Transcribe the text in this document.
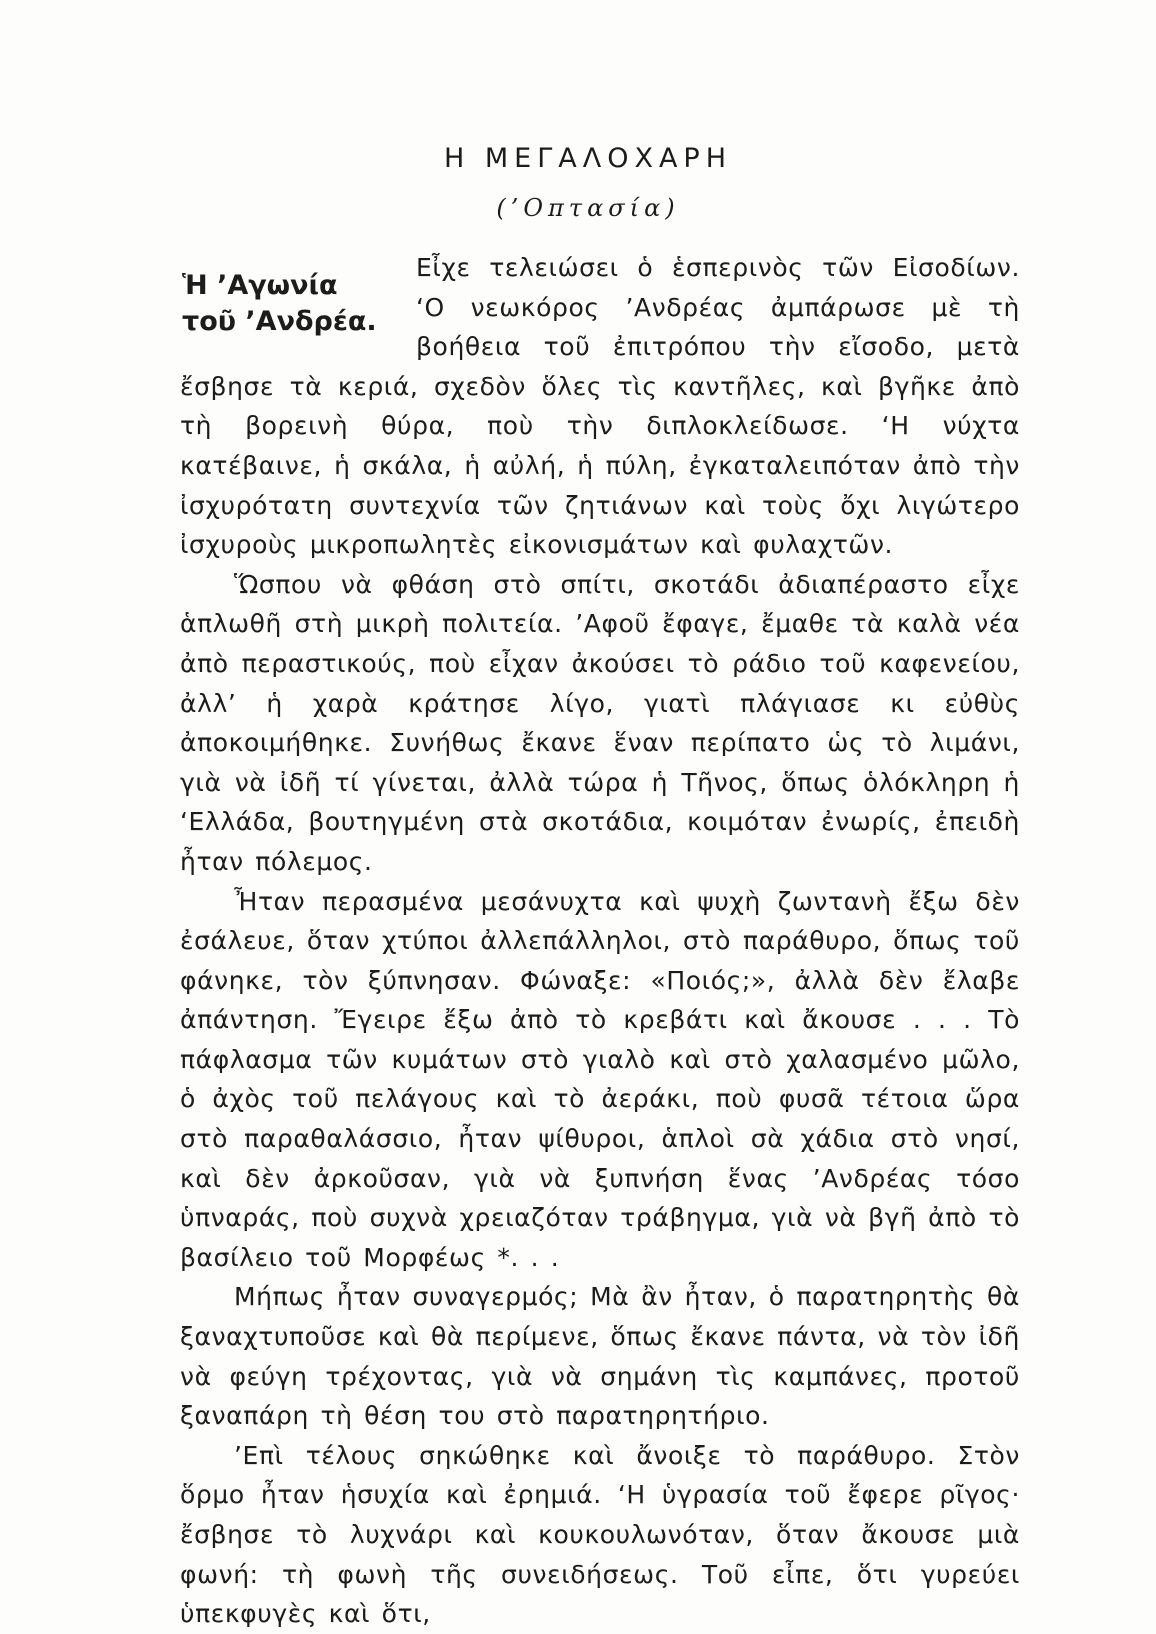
Η ΜΕΓΑΛΟΧΑΡΗ
(’Οπτασία)
Ἡ ’Αγωνία
τοῦ ’Ανδρέα.

Εἶχε τελειώσει ὁ ἑσπερινὸς τῶν Εἰσοδίων. ‘Ο νεωκόρος ’Ανδρέας ἀμπάρωσε μὲ τὴ βοήθεια τοῦ ἐπιτρόπου τὴν εἴσοδο, μετὰ ἔσβησε τὰ κεριά, σχεδὸν ὅλες τὶς καντῆλες, καὶ βγῆκε ἀπὸ τὴ βορεινὴ θύρα, ποὺ τὴν διπλοκλείδωσε. ‘Η νύχτα κατέβαινε, ἡ σκάλα, ἡ αὐλή, ἡ πύλη, ἐγκαταλειπόταν ἀπὸ τὴν ἰσχυρότατη συντεχνία τῶν ζητιάνων καὶ τοὺς ὄχι λιγώτερο ἰσχυροὺς μικροπωλητὲς εἰκονισμάτων καὶ φυλαχτῶν.

Ὥσπου νὰ φθάση στὸ σπίτι, σκοτάδι ἀδιαπέραστο εἶχε ἁπλωθῆ στὴ μικρὴ πολιτεία. ’Αφοῦ ἔφαγε, ἔμαθε τὰ καλὰ νέα ἀπὸ περαστικούς, ποὺ εἶχαν ἀκούσει τὸ ράδιο τοῦ καφενείου, ἀλλ’ ἡ χαρὰ κράτησε λίγο, γιατὶ πλάγιασε κι εὐθὺς ἀποκοιμήθηκε. Συνήθως ἔκανε ἕναν περίπατο ὡς τὸ λιμάνι, γιὰ νὰ ἰδῆ τί γίνεται, ἀλλὰ τώρα ἡ Τῆνος, ὅπως ὁλόκληρη ἡ ‘Ελλάδα, βουτηγμένη στὰ σκοτάδια, κοιμόταν ἐνωρίς, ἐπειδὴ ἦταν πόλεμος.

Ἦταν περασμένα μεσάνυχτα καὶ ψυχὴ ζωντανὴ ἔξω δὲν ἐσάλευε, ὅταν χτύποι ἀλλεπάλληλοι, στὸ παράθυρο, ὅπως τοῦ φάνηκε, τὸν ξύπνησαν. Φώναξε: «Ποιός;», ἀλλὰ δὲν ἔλαβε ἀπάντηση. Ἔγειρε ἔξω ἀπὸ τὸ κρεβάτι καὶ ἄκουσε . . . Τὸ πάφλασμα τῶν κυμάτων στὸ γιαλὸ καὶ στὸ χαλασμένο μῶλο, ὁ ἀχὸς τοῦ πελάγους καὶ τὸ ἀεράκι, ποὺ φυσᾶ τέτοια ὥρα στὸ παραθαλάσσιο, ἦταν ψίθυροι, ἁπλοὶ σὰ χάδια στὸ νησί, καὶ δὲν ἀρκοῦσαν, γιὰ νὰ ξυπνήση ἕνας ’Ανδρέας τόσο ὑπναράς, ποὺ συχνὰ χρειαζόταν τράβηγμα, γιὰ νὰ βγῆ ἀπὸ τὸ βασίλειο τοῦ Μορφέως *. . .

Μήπως ἦταν συναγερμός; Μὰ ἂν ἦταν, ὁ παρατηρητὴς θὰ ξαναχτυποῦσε καὶ θὰ περίμενε, ὅπως ἔκανε πάντα, νὰ τὸν ἰδῆ νὰ φεύγη τρέχοντας, γιὰ νὰ σημάνη τὶς καμπάνες, προτοῦ ξαναπάρη τὴ θέση του στὸ παρατηρητήριο.

’Επὶ τέλους σηκώθηκε καὶ ἄνοιξε τὸ παράθυρο. Στὸν ὅρμο ἦταν ἡσυχία καὶ ἐρημιά. ‘Η ὑγρασία τοῦ ἔφερε ρῖγος· ἔσβησε τὸ λυχνάρι καὶ κουκουλωνόταν, ὅταν ἄκουσε μιὰ φωνή: τὴ φωνὴ τῆς συνειδήσεως. Τοῦ εἶπε, ὅτι γυρεύει ὑπεκφυγὲς καὶ ὅτι,
